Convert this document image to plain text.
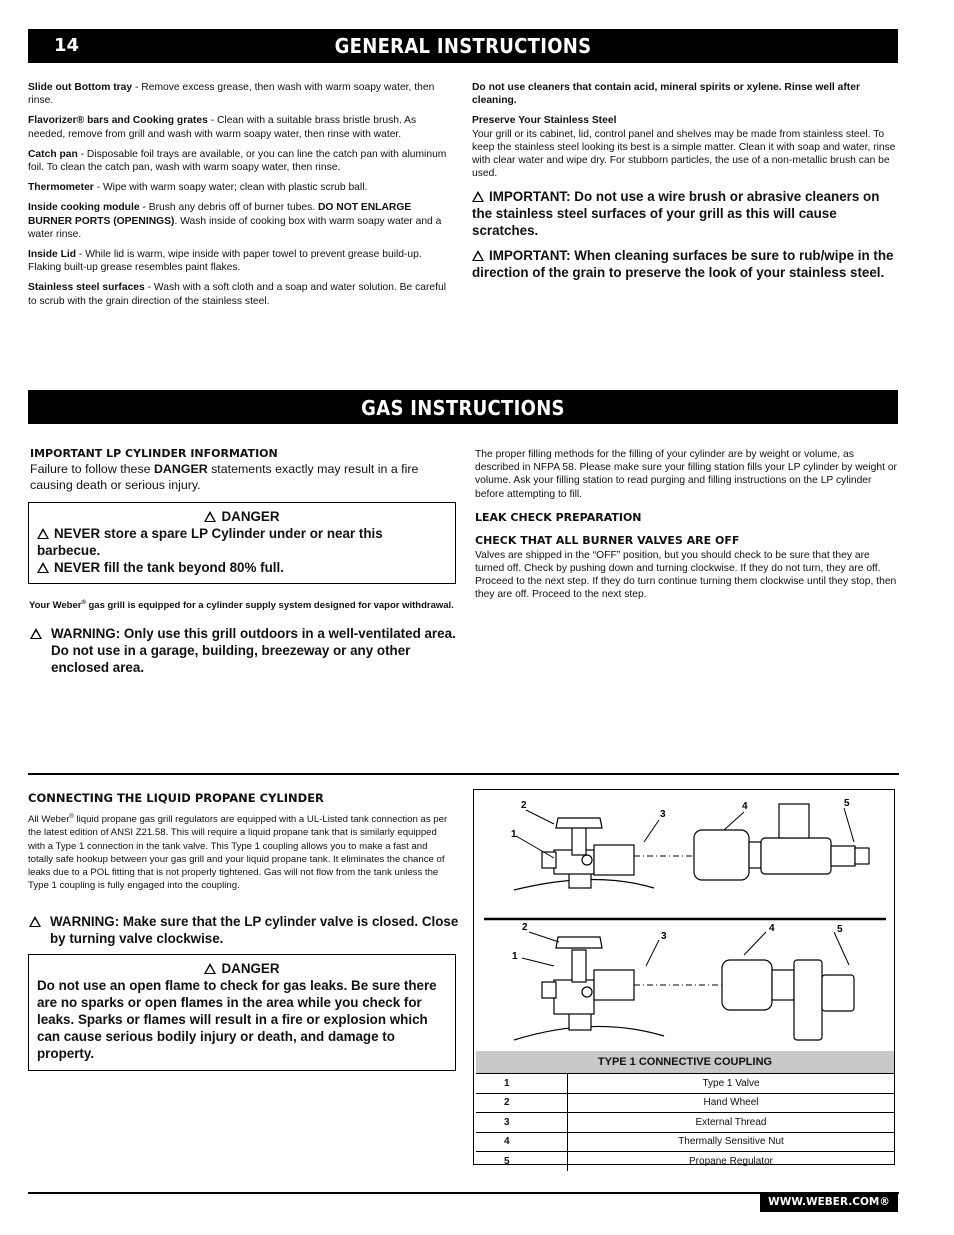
14	GENERAL INSTRUCTIONS

Slide out Bottom tray - Remove excess grease, then wash with warm soapy water, then rinse.

Flavorizer® bars and Cooking grates - Clean with a suitable brass bristle brush. As needed, remove from grill and wash with warm soapy water, then rinse with water.

Catch pan - Disposable foil trays are available, or you can line the catch pan with aluminum foil. To clean the catch pan, wash with warm soapy water, then rinse.

Thermometer - Wipe with warm soapy water; clean with plastic scrub ball.

Inside cooking module - Brush any debris off of burner tubes. DO NOT ENLARGE BURNER PORTS (OPENINGS). Wash inside of cooking box with warm soapy water and a water rinse.

Inside Lid - While lid is warm, wipe inside with paper towel to prevent grease build-up. Flaking built-up grease resembles paint flakes.

Stainless steel surfaces - Wash with a soft cloth and a soap and water solution. Be careful to scrub with the grain direction of the stainless steel.

Do not use cleaners that contain acid, mineral spirits or xylene. Rinse well after cleaning.

Preserve Your Stainless Steel

Your grill or its cabinet, lid, control panel and shelves may be made from stainless steel. To keep the stainless steel looking its best is a simple matter. Clean it with soap and water, rinse with clear water and wipe dry. For stubborn particles, the use of a non-metallic brush can be used.

IMPORTANT: Do not use a wire brush or abrasive cleaners on the stainless steel surfaces of your grill as this will cause scratches.
IMPORTANT: When cleaning surfaces be sure to rub/wipe in the direction of the grain to preserve the look of your stainless steel.
GAS INSTRUCTIONS
IMPORTANT LP CYLINDER INFORMATION
Failure to follow these DANGER statements exactly may result in a fire causing death or serious injury.
DANGER
NEVER store a spare LP Cylinder under or near this barbecue.
NEVER fill the tank beyond 80% full.
Your Weber® gas grill is equipped for a cylinder supply system designed for vapor withdrawal.
WARNING: Only use this grill outdoors in a well-ventilated area. Do not use in a garage, building, breezeway or any other enclosed area.

The proper filling methods for the filling of your cylinder are by weight or volume, as described in NFPA 58. Please make sure your filling station fills your LP cylinder by weight or volume. Ask your filling station to read purging and filling instructions on the LP cylinder before attempting to fill.

LEAK CHECK PREPARATION
CHECK THAT ALL BURNER VALVES ARE OFF

Valves are shipped in the “OFF” position, but you should check to be sure that they are turned off. Check by pushing down and turning clockwise. If they do not turn, they are off. Proceed to the next step. If they do turn continue turning them clockwise until they stop, then they are off. Proceed to the next step.

CONNECTING THE LIQUID PROPANE CYLINDER

All Weber® liquid propane gas grill regulators are equipped with a UL-Listed tank connection as per the latest edition of ANSI Z21.58. This will require a liquid propane tank that is similarly equipped with a Type 1 connection in the tank valve. This Type 1 coupling allows you to make a fast and totally safe hookup between your gas grill and your liquid propane tank. It eliminates the chance of leaks due to a POL fitting that is not properly tightened. Gas will not flow from the tank unless the Type 1 coupling is fully engaged into the coupling.

WARNING: Make sure that the LP cylinder valve is closed. Close by turning valve clockwise.
DANGER
Do not use an open flame to check for gas leaks. Be sure there are no sparks or open flames in the area while you check for leaks. Sparks or flames will result in a fire or explosion which can cause serious bodily injury or death, and damage to property.
2
3
4	5
1
2
3
4	5
1
TYPE 1 CONNECTIVE COUPLING	
1	Type 1 Valve
2	Hand Wheel
3	External Thread
4	Thermally Sensitive Nut
5	Propane Regulator
WWW.WEBER.COM®
